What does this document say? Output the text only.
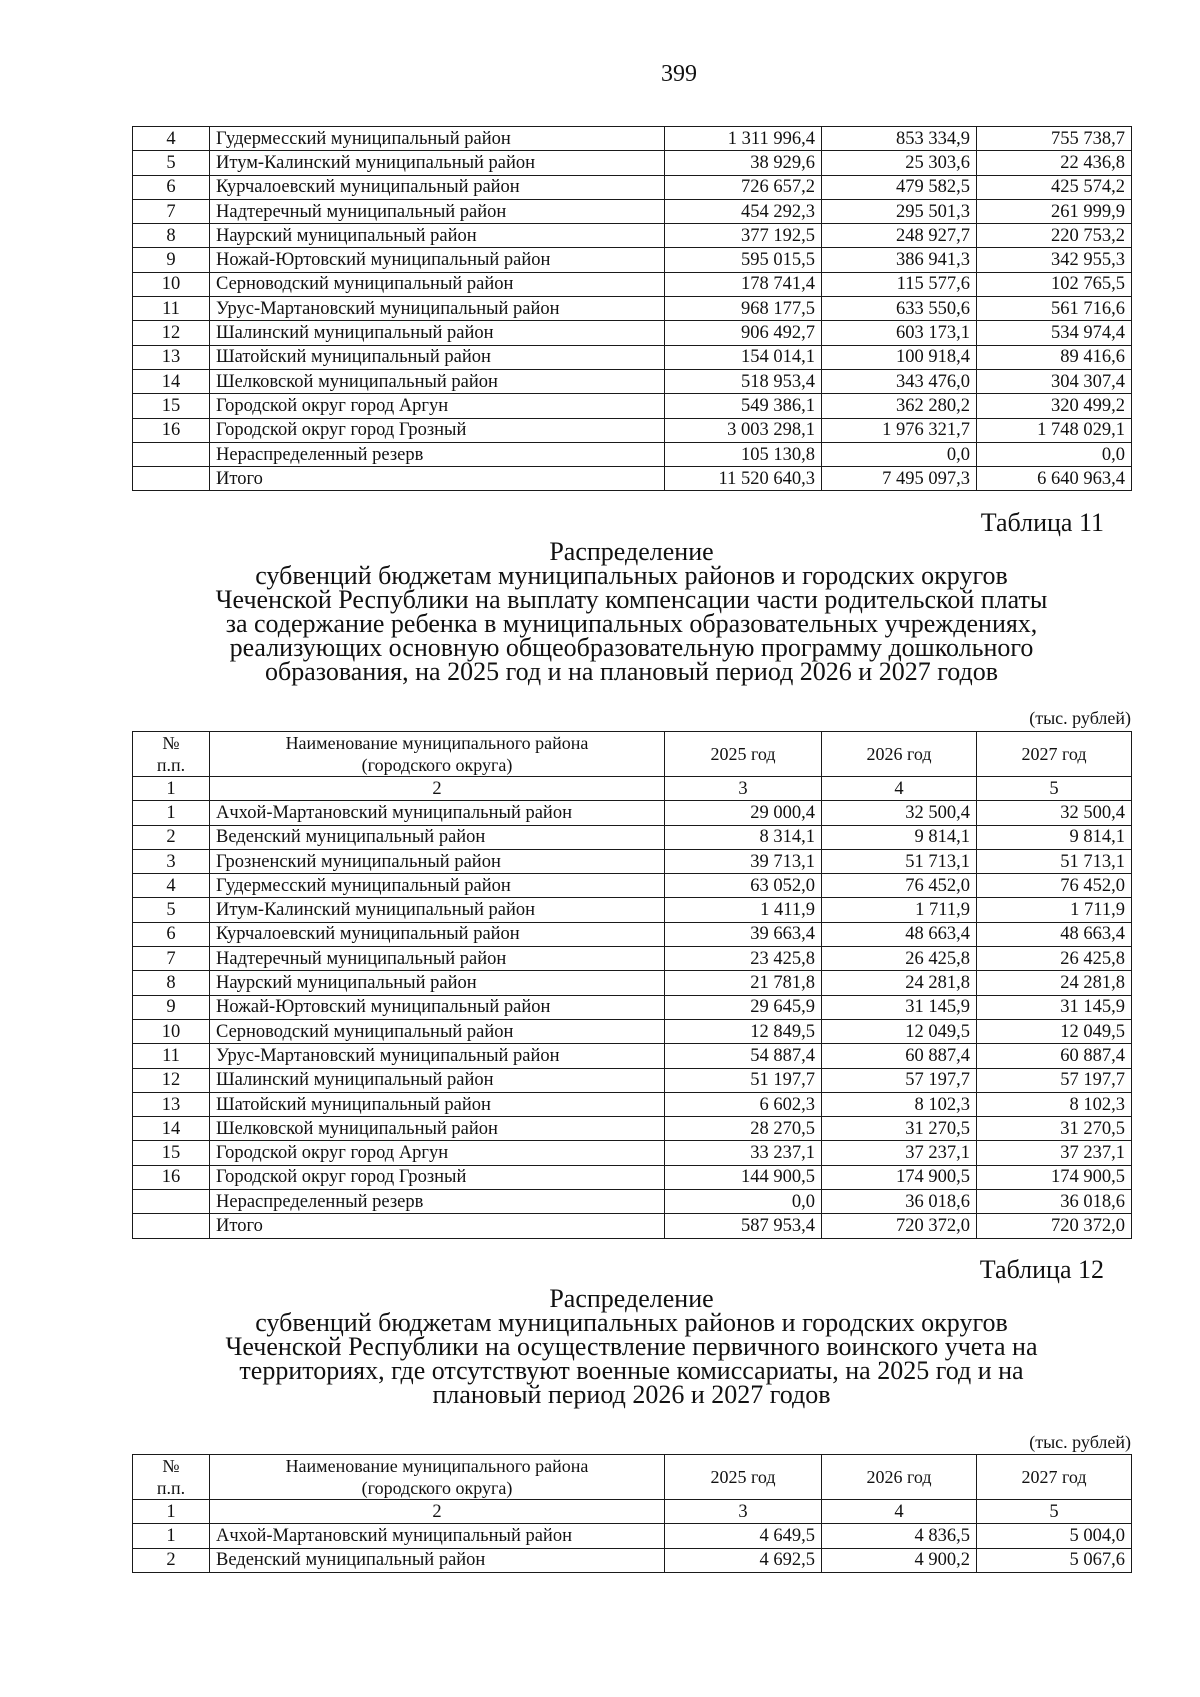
399
4	Гудермесский муниципальный район	1 311 996,4	853 334,9	755 738,7
5	Итум-Калинский муниципальный район	38 929,6	25 303,6	22 436,8
6	Курчалоевский муниципальный район	726 657,2	479 582,5	425 574,2
7	Надтеречный муниципальный район	454 292,3	295 501,3	261 999,9
8	Наурский муниципальный район	377 192,5	248 927,7	220 753,2
9	Ножай-Юртовский муниципальный район	595 015,5	386 941,3	342 955,3
10	Серноводский муниципальный район	178 741,4	115 577,6	102 765,5
11	Урус-Мартановский муниципальный район	968 177,5	633 550,6	561 716,6
12	Шалинский муниципальный район	906 492,7	603 173,1	534 974,4
13	Шатойский муниципальный район	154 014,1	100 918,4	89 416,6
14	Шелковской муниципальный район	518 953,4	343 476,0	304 307,4
15	Городской округ город Аргун	549 386,1	362 280,2	320 499,2
16	Городской округ город Грозный	3 003 298,1	1 976 321,7	1 748 029,1
	Нераспределенный резерв	105 130,8	0,0	0,0
	Итого	11 520 640,3	7 495 097,3	6 640 963,4
Таблица 11
Распределение
субвенций бюджетам муниципальных районов и городских округов
Чеченской Республики на выплату компенсации части родительской платы
за содержание ребенка в муниципальных образовательных учреждениях,
реализующих основную общеобразовательную программу дошкольного
образования, на 2025 год и на плановый период 2026 и 2027 годов
(тыс. рублей)
№
п.п.	Наименование муниципального района
(городского округа)	2025 год	2026 год	2027 год
1	2	3	4	5
1	Ачхой-Мартановский муниципальный район	29 000,4	32 500,4	32 500,4
2	Веденский муниципальный район	8 314,1	9 814,1	9 814,1
3	Грозненский муниципальный район	39 713,1	51 713,1	51 713,1
4	Гудермесский муниципальный район	63 052,0	76 452,0	76 452,0
5	Итум-Калинский муниципальный район	1 411,9	1 711,9	1 711,9
6	Курчалоевский муниципальный район	39 663,4	48 663,4	48 663,4
7	Надтеречный муниципальный район	23 425,8	26 425,8	26 425,8
8	Наурский муниципальный район	21 781,8	24 281,8	24 281,8
9	Ножай-Юртовский муниципальный район	29 645,9	31 145,9	31 145,9
10	Серноводский муниципальный район	12 849,5	12 049,5	12 049,5
11	Урус-Мартановский муниципальный район	54 887,4	60 887,4	60 887,4
12	Шалинский муниципальный район	51 197,7	57 197,7	57 197,7
13	Шатойский муниципальный район	6 602,3	8 102,3	8 102,3
14	Шелковской муниципальный район	28 270,5	31 270,5	31 270,5
15	Городской округ город Аргун	33 237,1	37 237,1	37 237,1
16	Городской округ город Грозный	144 900,5	174 900,5	174 900,5
	Нераспределенный резерв	0,0	36 018,6	36 018,6
	Итого	587 953,4	720 372,0	720 372,0
Таблица 12
Распределение
субвенций бюджетам муниципальных районов и городских округов
Чеченской Республики на осуществление первичного воинского учета на
территориях, где отсутствуют военные комиссариаты, на 2025 год и на
плановый период 2026 и 2027 годов
(тыс. рублей)
№
п.п.	Наименование муниципального района
(городского округа)	2025 год	2026 год	2027 год
1	2	3	4	5
1	Ачхой-Мартановский муниципальный район	4 649,5	4 836,5	5 004,0
2	Веденский муниципальный район	4 692,5	4 900,2	5 067,6
